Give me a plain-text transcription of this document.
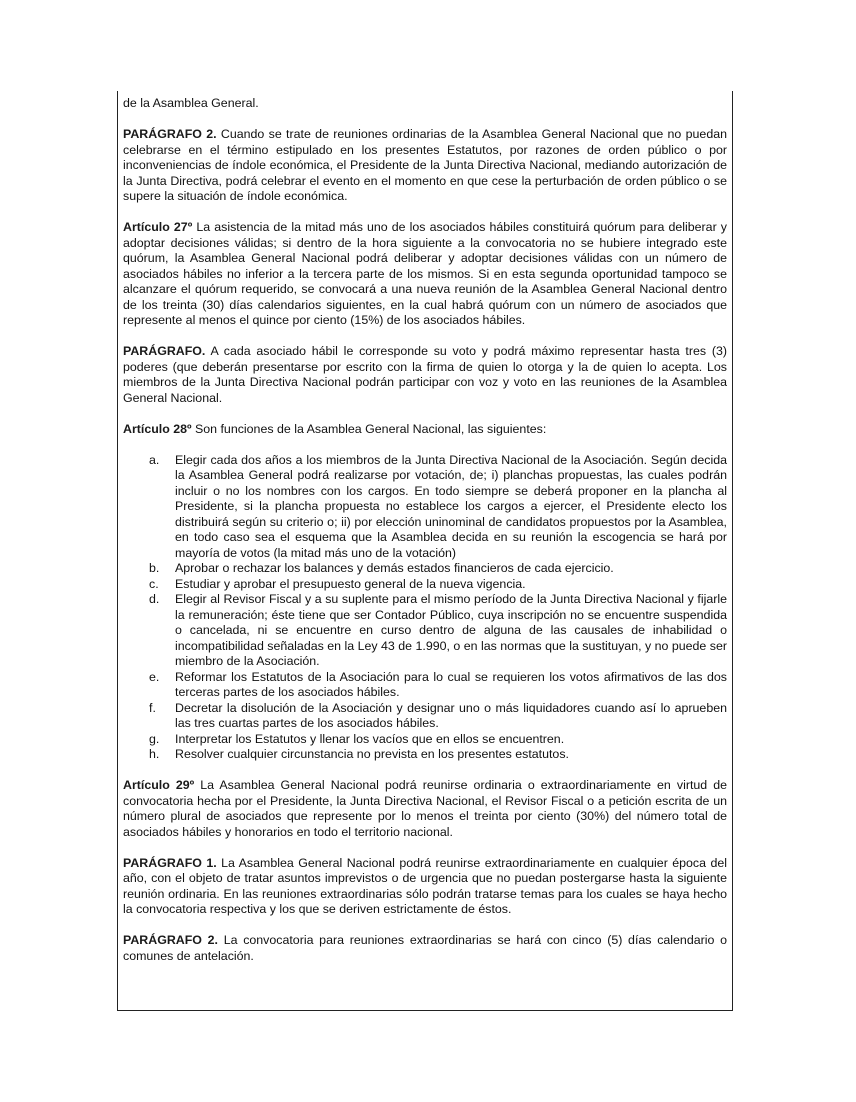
de la Asamblea General.

PARÁGRAFO 2. Cuando se trate de reuniones ordinarias de la Asamblea General Nacional que no puedan celebrarse en el término estipulado en los presentes Estatutos, por razones de orden público o por inconveniencias de índole económica, el Presidente de la Junta Directiva Nacional, mediando autorización de la Junta Directiva, podrá celebrar el evento en el momento en que cese la perturbación de orden público o se supere la situación de índole económica.

Artículo 27º La asistencia de la mitad más uno de los asociados hábiles constituirá quórum para deliberar y adoptar decisiones válidas; si dentro de la hora siguiente a la convocatoria no se hubiere integrado este quórum, la Asamblea General Nacional podrá deliberar y adoptar decisiones válidas con un número de asociados hábiles no inferior a la tercera parte de los mismos. Si en esta segunda oportunidad tampoco se alcanzare el quórum requerido, se convocará a una nueva reunión de la Asamblea General Nacional dentro de los treinta (30) días calendarios siguientes, en la cual habrá quórum con un número de asociados que represente al menos el quince por ciento (15%) de los asociados hábiles.

PARÁGRAFO. A cada asociado hábil le corresponde su voto y podrá máximo representar hasta tres (3) poderes (que deberán presentarse por escrito con la firma de quien lo otorga y la de quien lo acepta. Los miembros de la Junta Directiva Nacional podrán participar con voz y voto en las reuniones de la Asamblea General Nacional.

Artículo 28º Son funciones de la Asamblea General Nacional, las siguientes:

a. Elegir cada dos años a los miembros de la Junta Directiva Nacional de la Asociación. Según decida la Asamblea General podrá realizarse por votación, de; i) planchas propuestas, las cuales podrán incluir o no los nombres con los cargos. En todo siempre se deberá proponer en la plancha al Presidente, si la plancha propuesta no establece los cargos a ejercer, el Presidente electo los distribuirá según su criterio o; ii) por elección uninominal de candidatos propuestos por la Asamblea, en todo caso sea el esquema que la Asamblea decida en su reunión la escogencia se hará por mayoría de votos (la mitad más uno de la votación)
b. Aprobar o rechazar los balances y demás estados financieros de cada ejercicio.
c. Estudiar y aprobar el presupuesto general de la nueva vigencia.
d. Elegir al Revisor Fiscal y a su suplente para el mismo período de la Junta Directiva Nacional y fijarle la remuneración; éste tiene que ser Contador Público, cuya inscripción no se encuentre suspendida o cancelada, ni se encuentre en curso dentro de alguna de las causales de inhabilidad o incompatibilidad señaladas en la Ley 43 de 1.990, o en las normas que la sustituyan, y no puede ser miembro de la Asociación.
e. Reformar los Estatutos de la Asociación para lo cual se requieren los votos afirmativos de las dos terceras partes de los asociados hábiles.
f. Decretar la disolución de la Asociación y designar uno o más liquidadores cuando así lo aprueben las tres cuartas partes de los asociados hábiles.
g. Interpretar los Estatutos y llenar los vacíos que en ellos se encuentren.
h. Resolver cualquier circunstancia no prevista en los presentes estatutos.

Artículo 29º La Asamblea General Nacional podrá reunirse ordinaria o extraordinariamente en virtud de convocatoria hecha por el Presidente, la Junta Directiva Nacional, el Revisor Fiscal o a petición escrita de un número plural de asociados que represente por lo menos el treinta por ciento (30%) del número total de asociados hábiles y honorarios en todo el territorio nacional.

PARÁGRAFO 1. La Asamblea General Nacional podrá reunirse extraordinariamente en cualquier época del año, con el objeto de tratar asuntos imprevistos o de urgencia que no puedan postergarse hasta la siguiente reunión ordinaria. En las reuniones extraordinarias sólo podrán tratarse temas para los cuales se haya hecho la convocatoria respectiva y los que se deriven estrictamente de éstos.

PARÁGRAFO 2. La convocatoria para reuniones extraordinarias se hará con cinco (5) días calendario o comunes de antelación.
